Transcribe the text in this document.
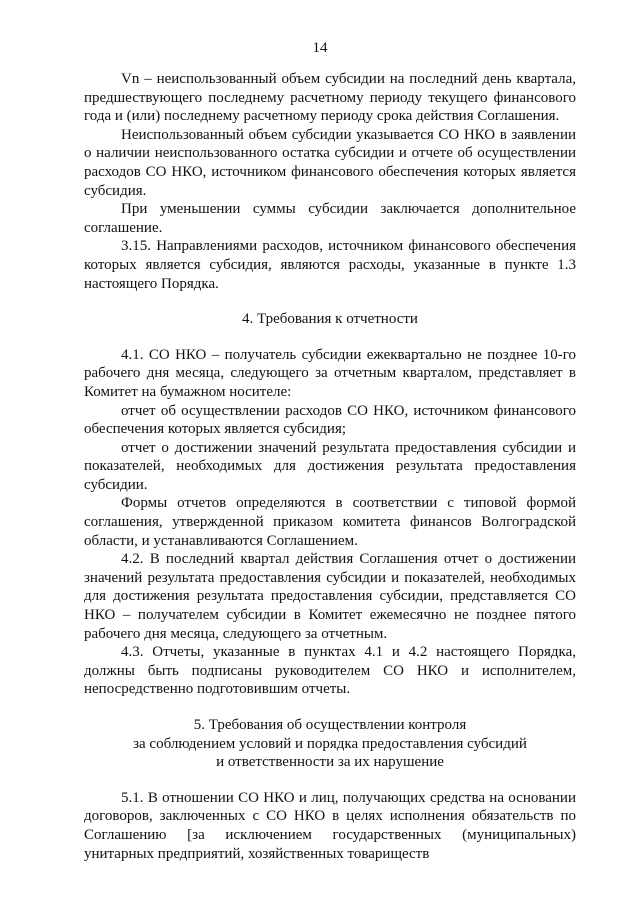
14

Vn – неиспользованный объем субсидии на последний день квартала, предшествующего последнему расчетному периоду текущего финансового года и (или) последнему расчетному периоду срока действия Соглашения.

Неиспользованный объем субсидии указывается СО НКО в заявлении о наличии неиспользованного остатка субсидии и отчете об осуществлении расходов СО НКО, источником финансового обеспечения которых является субсидия.

При уменьшении суммы субсидии заключается дополнительное соглашение.

3.15. Направлениями расходов, источником финансового обеспечения которых является субсидия, являются расходы, указанные в пункте 1.3 настоящего Порядка.

4. Требования к отчетности

4.1. СО НКО – получатель субсидии ежеквартально не позднее 10-го рабочего дня месяца, следующего за отчетным кварталом, представляет в Комитет на бумажном носителе:

отчет об осуществлении расходов СО НКО, источником финансового обеспечения которых является субсидия;

отчет о достижении значений результата предоставления субсидии и показателей, необходимых для достижения результата предоставления субсидии.

Формы отчетов определяются в соответствии с типовой формой соглашения, утвержденной приказом комитета финансов Волгоградской области, и устанавливаются Соглашением.

4.2. В последний квартал действия Соглашения отчет о достижении значений результата предоставления субсидии и показателей, необходимых для достижения результата предоставления субсидии, представляется СО НКО – получателем субсидии в Комитет ежемесячно не позднее пятого рабочего дня месяца, следующего за отчетным.

4.3. Отчеты, указанные в пунктах 4.1 и 4.2 настоящего Порядка, должны быть подписаны руководителем СО НКО и исполнителем, непосредственно подготовившим отчеты.

5. Требования об осуществлении контроля

за соблюдением условий и порядка предоставления субсидий

и ответственности за их нарушение

5.1. В отношении СО НКО и лиц, получающих средства на основании договоров, заключенных с СО НКО в целях исполнения обязательств по Соглашению [за исключением государственных (муниципальных) унитарных предприятий, хозяйственных товариществ
